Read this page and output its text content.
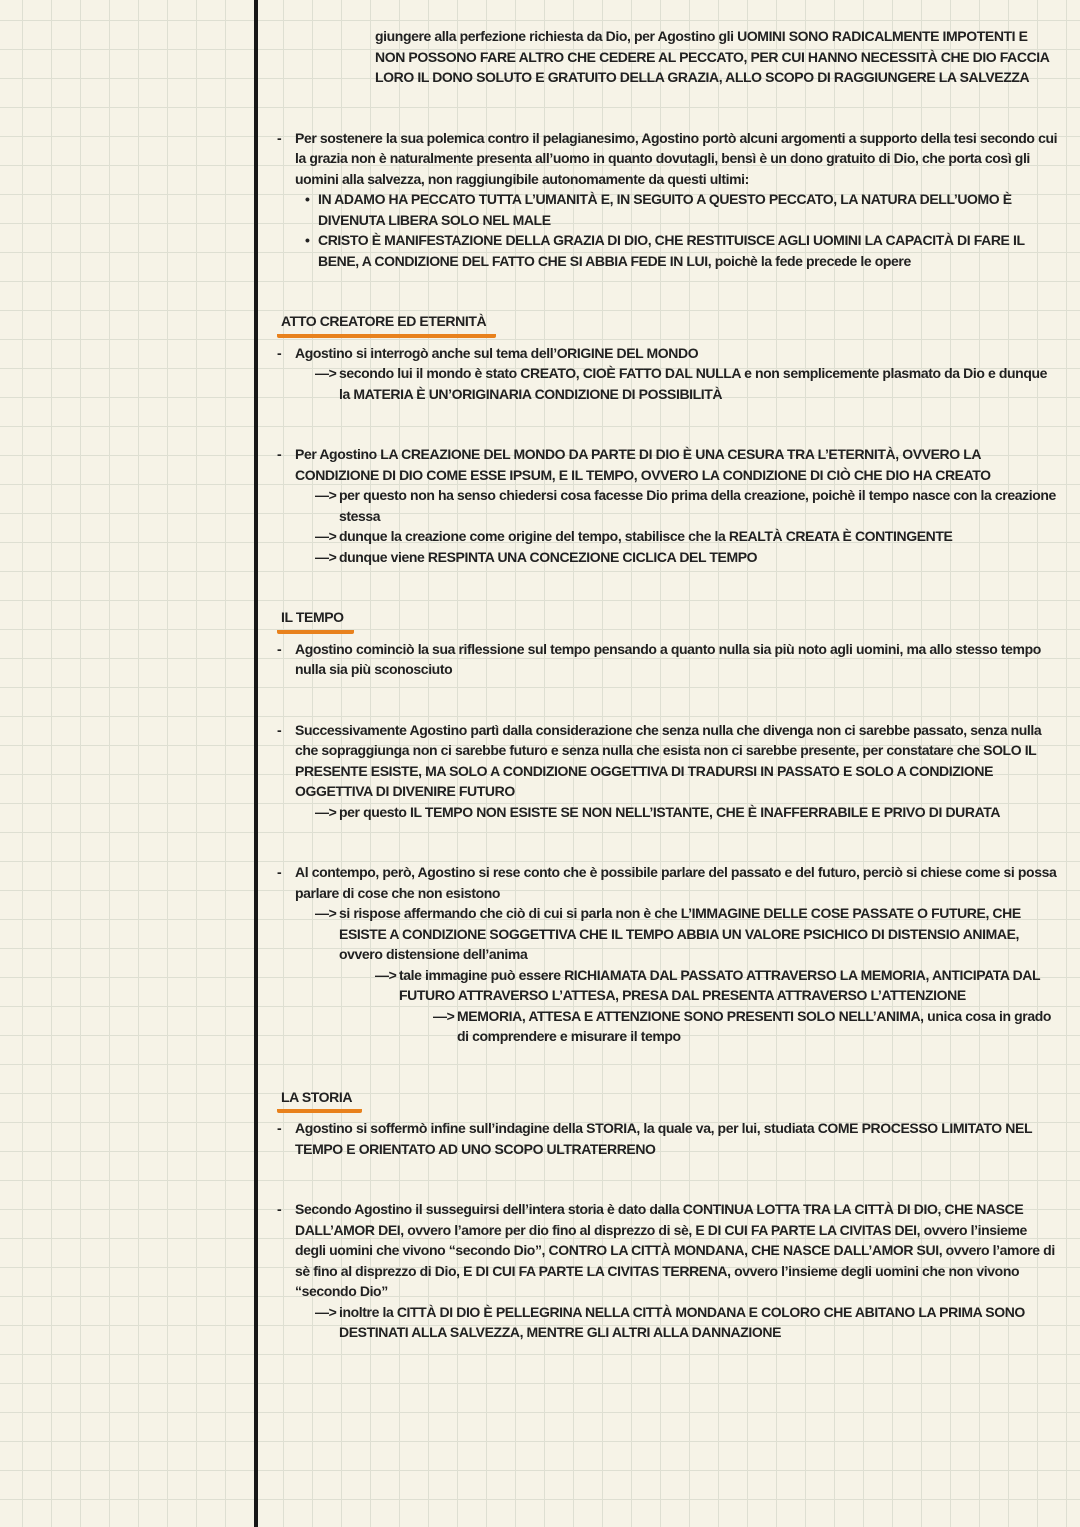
giungere alla perfezione richiesta da Dio, per Agostino gli UOMINI SONO RADICALMENTE IMPOTENTI E NON POSSONO FARE ALTRO CHE CEDERE AL PECCATO, PER CUI HANNO NECESSITÀ CHE DIO FACCIA LORO IL DONO SOLUTO E GRATUITO DELLA GRAZIA, ALLO SCOPO DI RAGGIUNGERE LA SALVEZZA
- Per sostenere la sua polemica contro il pelagianesimo, Agostino portò alcuni argomenti a supporto della tesi secondo cui la grazia non è naturalmente presenta all’uomo in quanto dovutagli, bensì è un dono gratuito di Dio, che porta così gli uomini alla salvezza, non raggiungibile autonomamente da questi ultimi:
• IN ADAMO HA PECCATO TUTTA L’UMANITÀ E, IN SEGUITO A QUESTO PECCATO, LA NATURA DELL’UOMO È DIVENUTA LIBERA SOLO NEL MALE
• CRISTO È MANIFESTAZIONE DELLA GRAZIA DI DIO, CHE RESTITUISCE AGLI UOMINI LA CAPACITÀ DI FARE IL BENE, A CONDIZIONE DEL FATTO CHE SI ABBIA FEDE IN LUI, poichè la fede precede le opere
ATTO CREATORE ED ETERNITÀ
- Agostino si interrogò anche sul tema dell’ORIGINE DEL MONDO
—> secondo lui il mondo è stato CREATO, CIOÈ FATTO DAL NULLA e non semplicemente plasmato da Dio e dunque la MATERIA È UN’ORIGINARIA CONDIZIONE DI POSSIBILITÀ
- Per Agostino LA CREAZIONE DEL MONDO DA PARTE DI DIO È UNA CESURA TRA L’ETERNITÀ, OVVERO LA CONDIZIONE DI DIO COME ESSE IPSUM, E IL TEMPO, OVVERO LA CONDIZIONE DI CIÒ CHE DIO HA CREATO
—> per questo non ha senso chiedersi cosa facesse Dio prima della creazione, poichè il tempo nasce con la creazione stessa
—> dunque la creazione come origine del tempo, stabilisce che la REALTÀ CREATA È CONTINGENTE
—> dunque viene RESPINTA UNA CONCEZIONE CICLICA DEL TEMPO
IL TEMPO
- Agostino cominciò la sua riflessione sul tempo pensando a quanto nulla sia più noto agli uomini, ma allo stesso tempo nulla sia più sconosciuto
- Successivamente Agostino partì dalla considerazione che senza nulla che divenga non ci sarebbe passato, senza nulla che sopraggiunga non ci sarebbe futuro e senza nulla che esista non ci sarebbe presente, per constatare che SOLO IL PRESENTE ESISTE, MA SOLO A CONDIZIONE OGGETTIVA DI TRADURSI IN PASSATO E SOLO A CONDIZIONE OGGETTIVA DI DIVENIRE FUTURO
—> per questo IL TEMPO NON ESISTE SE NON NELL’ISTANTE, CHE È INAFFERRABILE E PRIVO DI DURATA
- Al contempo, però, Agostino si rese conto che è possibile parlare del passato e del futuro, perciò si chiese come si possa parlare di cose che non esistono
—> si rispose affermando che ciò di cui si parla non è che L’IMMAGINE DELLE COSE PASSATE O FUTURE, CHE ESISTE A CONDIZIONE SOGGETTIVA CHE IL TEMPO ABBIA UN VALORE PSICHICO DI DISTENSIO ANIMAE, ovvero distensione dell’anima
—> tale immagine può essere RICHIAMATA DAL PASSATO ATTRAVERSO LA MEMORIA, ANTICIPATA DAL FUTURO ATTRAVERSO L’ATTESA, PRESA DAL PRESENTA ATTRAVERSO L’ATTENZIONE
—> MEMORIA, ATTESA E ATTENZIONE SONO PRESENTI SOLO NELL’ANIMA, unica cosa in grado di comprendere e misurare il tempo
LA STORIA
- Agostino si soffermò infine sull’indagine della STORIA, la quale va, per lui, studiata COME PROCESSO LIMITATO NEL TEMPO E ORIENTATO AD UNO SCOPO ULTRATERRENO
- Secondo Agostino il susseguirsi dell’intera storia è dato dalla CONTINUA LOTTA TRA LA CITTÀ DI DIO, CHE NASCE DALL’AMOR DEI, ovvero l’amore per dio fino al disprezzo di sè, E DI CUI FA PARTE LA CIVITAS DEI, ovvero l’insieme degli uomini che vivono “secondo Dio”, CONTRO LA CITTÀ MONDANA, CHE NASCE DALL’AMOR SUI, ovvero l’amore di sè fino al disprezzo di Dio, E DI CUI FA PARTE LA CIVITAS TERRENA, ovvero l’insieme degli uomini che non vivono “secondo Dio”
—> inoltre la CITTÀ DI DIO È PELLEGRINA NELLA CITTÀ MONDANA E COLORO CHE ABITANO LA PRIMA SONO DESTINATI ALLA SALVEZZA, MENTRE GLI ALTRI ALLA DANNAZIONE
